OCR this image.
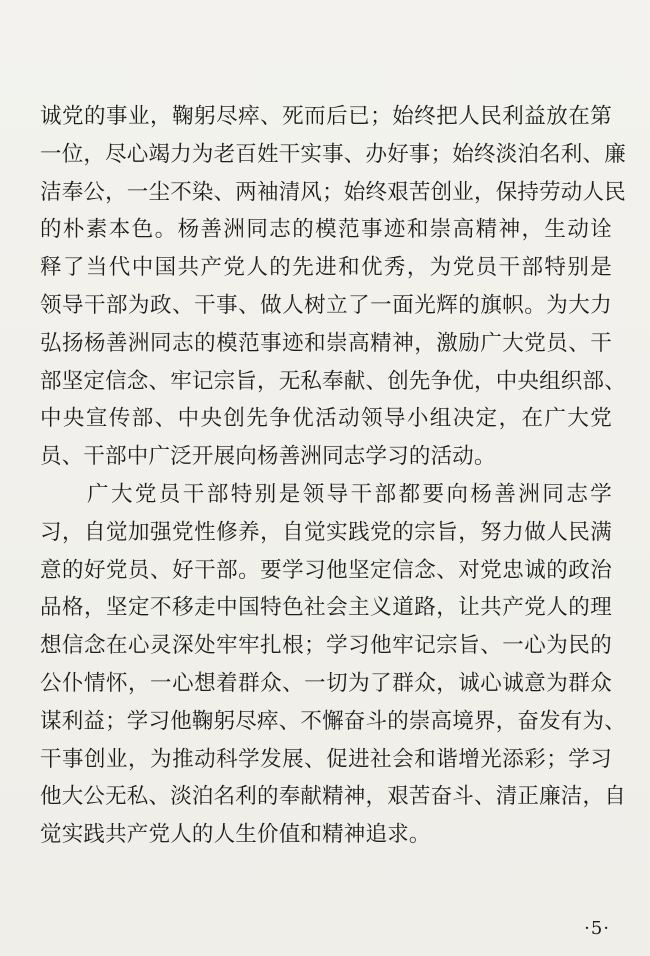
诚党的事业，鞠躬尽瘁、死而后已；始终把人民利益放在第
一位，尽心竭力为老百姓干实事、办好事；始终淡泊名利、廉
洁奉公，一尘不染、两袖清风；始终艰苦创业，保持劳动人民
的朴素本色。杨善洲同志的模范事迹和崇高精神，生动诠
释了当代中国共产党人的先进和优秀，为党员干部特别是
领导干部为政、干事、做人树立了一面光辉的旗帜。为大力
弘扬杨善洲同志的模范事迹和崇高精神，激励广大党员、干
部坚定信念、牢记宗旨，无私奉献、创先争优，中央组织部、
中央宣传部、中央创先争优活动领导小组决定，在广大党
员、干部中广泛开展向杨善洲同志学习的活动。
广大党员干部特别是领导干部都要向杨善洲同志学
习，自觉加强党性修养，自觉实践党的宗旨，努力做人民满
意的好党员、好干部。要学习他坚定信念、对党忠诚的政治
品格，坚定不移走中国特色社会主义道路，让共产党人的理
想信念在心灵深处牢牢扎根；学习他牢记宗旨、一心为民的
公仆情怀，一心想着群众、一切为了群众，诚心诚意为群众
谋利益；学习他鞠躬尽瘁、不懈奋斗的崇高境界，奋发有为、
干事创业，为推动科学发展、促进社会和谐增光添彩；学习
他大公无私、淡泊名利的奉献精神，艰苦奋斗、清正廉洁，自
觉实践共产党人的人生价值和精神追求。
·5·
